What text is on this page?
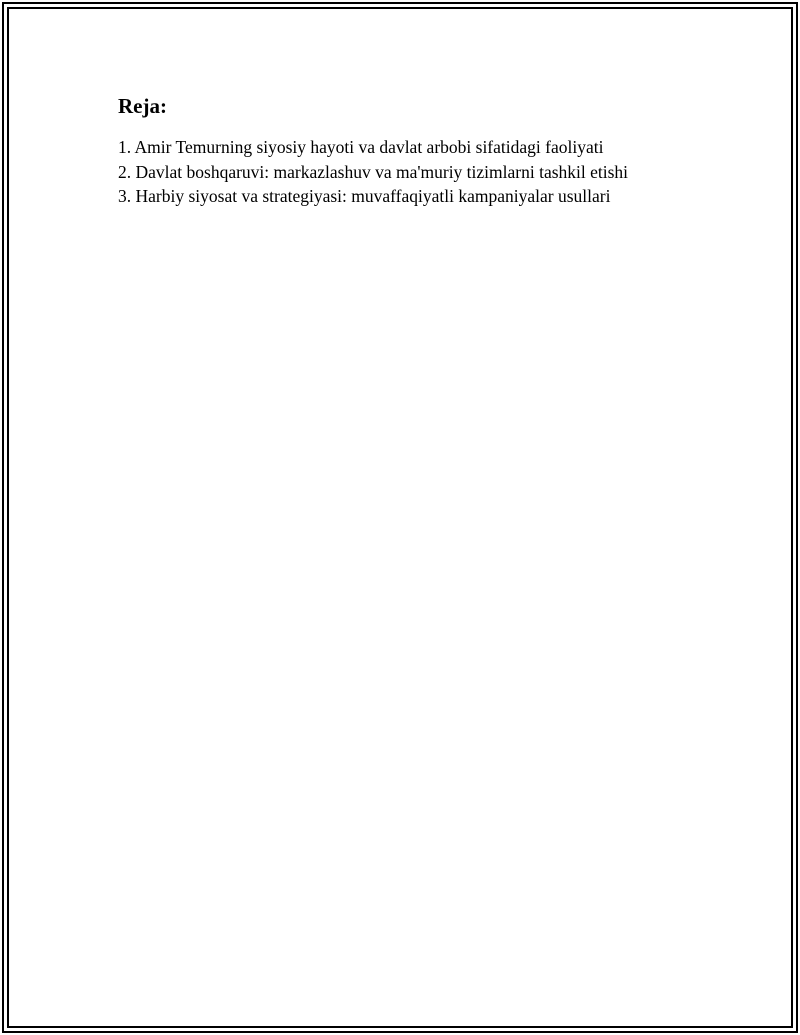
Reja:
1. Amir Temurning siyosiy hayoti va davlat arbobi sifatidagi faoliyati
2. Davlat boshqaruvi: markazlashuv va ma'muriy tizimlarni tashkil etishi
3. Harbiy siyosat va strategiyasi: muvaffaqiyatli kampaniyalar usullari
